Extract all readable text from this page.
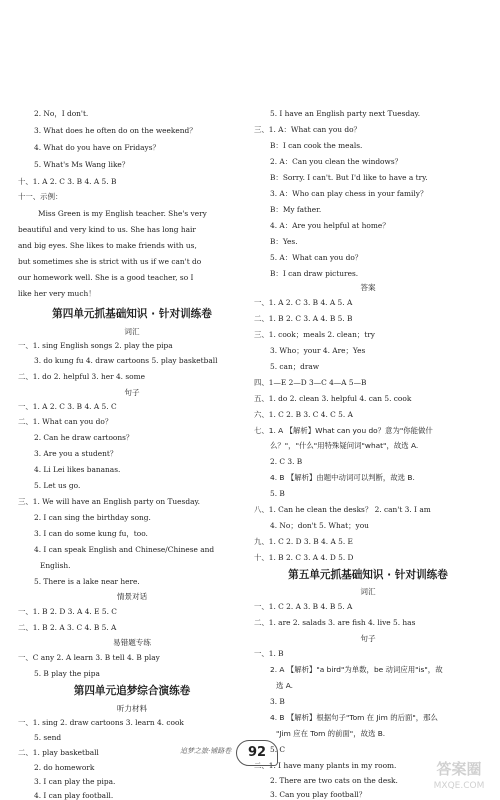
2. No，I don't.
3. What does he often do on the weekend？
4. What do you have on Fridays？
5. What's Ms Wang like？
十、1. A 2. C 3. B 4. A 5. B
十一、示例：
Miss Green is my English teacher. She's very
beautiful and very kind to us. She has long hair
and big eyes. She likes to make friends with us,
but sometimes she is strict with us if we can't do
our homework well. She is a good teacher, so I
like her very much！
第四单元抓基础知识 · 针对训练卷
词汇
一、1. sing English songs 2. play the pipa
3. do kung fu 4. draw cartoons 5. play basketball
二、1. do 2. helpful 3. her 4. some
句子
一、1. A 2. C 3. B 4. A 5. C
二、1. What can you do？
2. Can he draw cartoons？
3. Are you a student？
4. Li Lei likes bananas.
5. Let us go.
三、1. We will have an English party on Tuesday.
2. I can sing the birthday song.
3. I can do some kung fu，too.
4. I can speak English and Chinese/Chinese and
English.
5. There is a lake near here.
情景对话
一、1. B 2. D 3. A 4. E 5. C
二、1. B 2. A 3. C 4. B 5. A
易错题专练
一、C any 2. A learn 3. B tell 4. B play
5. B play the pipa
第四单元追梦综合演练卷
听力材料
一、1. sing 2. draw cartoons 3. learn 4. cook
5. send
二、1. play basketball
2. do homework
3. I can play the pipa.
4. I can play football.
5. I have an English party next Tuesday.
三、1. A：What can you do？
B：I can cook the meals.
2. A：Can you clean the windows？
B：Sorry. I can't. But I'd like to have a try.
3. A：Who can play chess in your family？
B：My father.
4. A：Are you helpful at home？
B：Yes.
5. A：What can you do？
B：I can draw pictures.
答案
一、1. A 2. C 3. B 4. A 5. A
二、1. B 2. C 3. A 4. B 5. B
三、1. cook；meals 2. clean；try
3. Who；your 4. Are；Yes
5. can；draw
四、1—E 2—D 3—C 4—A 5—B
五、1. do 2. clean 3. helpful 4. can 5. cook
六、1. C 2. B 3. C 4. C 5. A
七、1. A 【解析】What can you do？意为"你能做什
么？"，"什么"用特殊疑问词"what"，故选 A.
2. C 3. B
4. B 【解析】由题中动词可以判断，故选 B.
5. B
八、1. Can he clean the desks？ 2. can't 3. I am
4. No；don't 5. What；you
九、1. C 2. D 3. B 4. A 5. E
十、1. B 2. C 3. A 4. D 5. D
第五单元抓基础知识 · 针对训练卷
词汇
一、1. C 2. A 3. B 4. B 5. A
二、1. are 2. salads 3. are fish 4. live 5. has
句子
一、1. B
2. A 【解析】"a bird"为单数，be 动词应用"is"，故
选 A.
3. B
4. B 【解析】根据句子"Tom 在 Jim 的后面"，那么
"Jim 应在 Tom 的前面"，故选 B.
5. C
二、1. I have many plants in my room.
2. There are two cats on the desk.
3. Can you play football？
追梦之旅·铺路卷	92
答案圈
MXQE.COM
